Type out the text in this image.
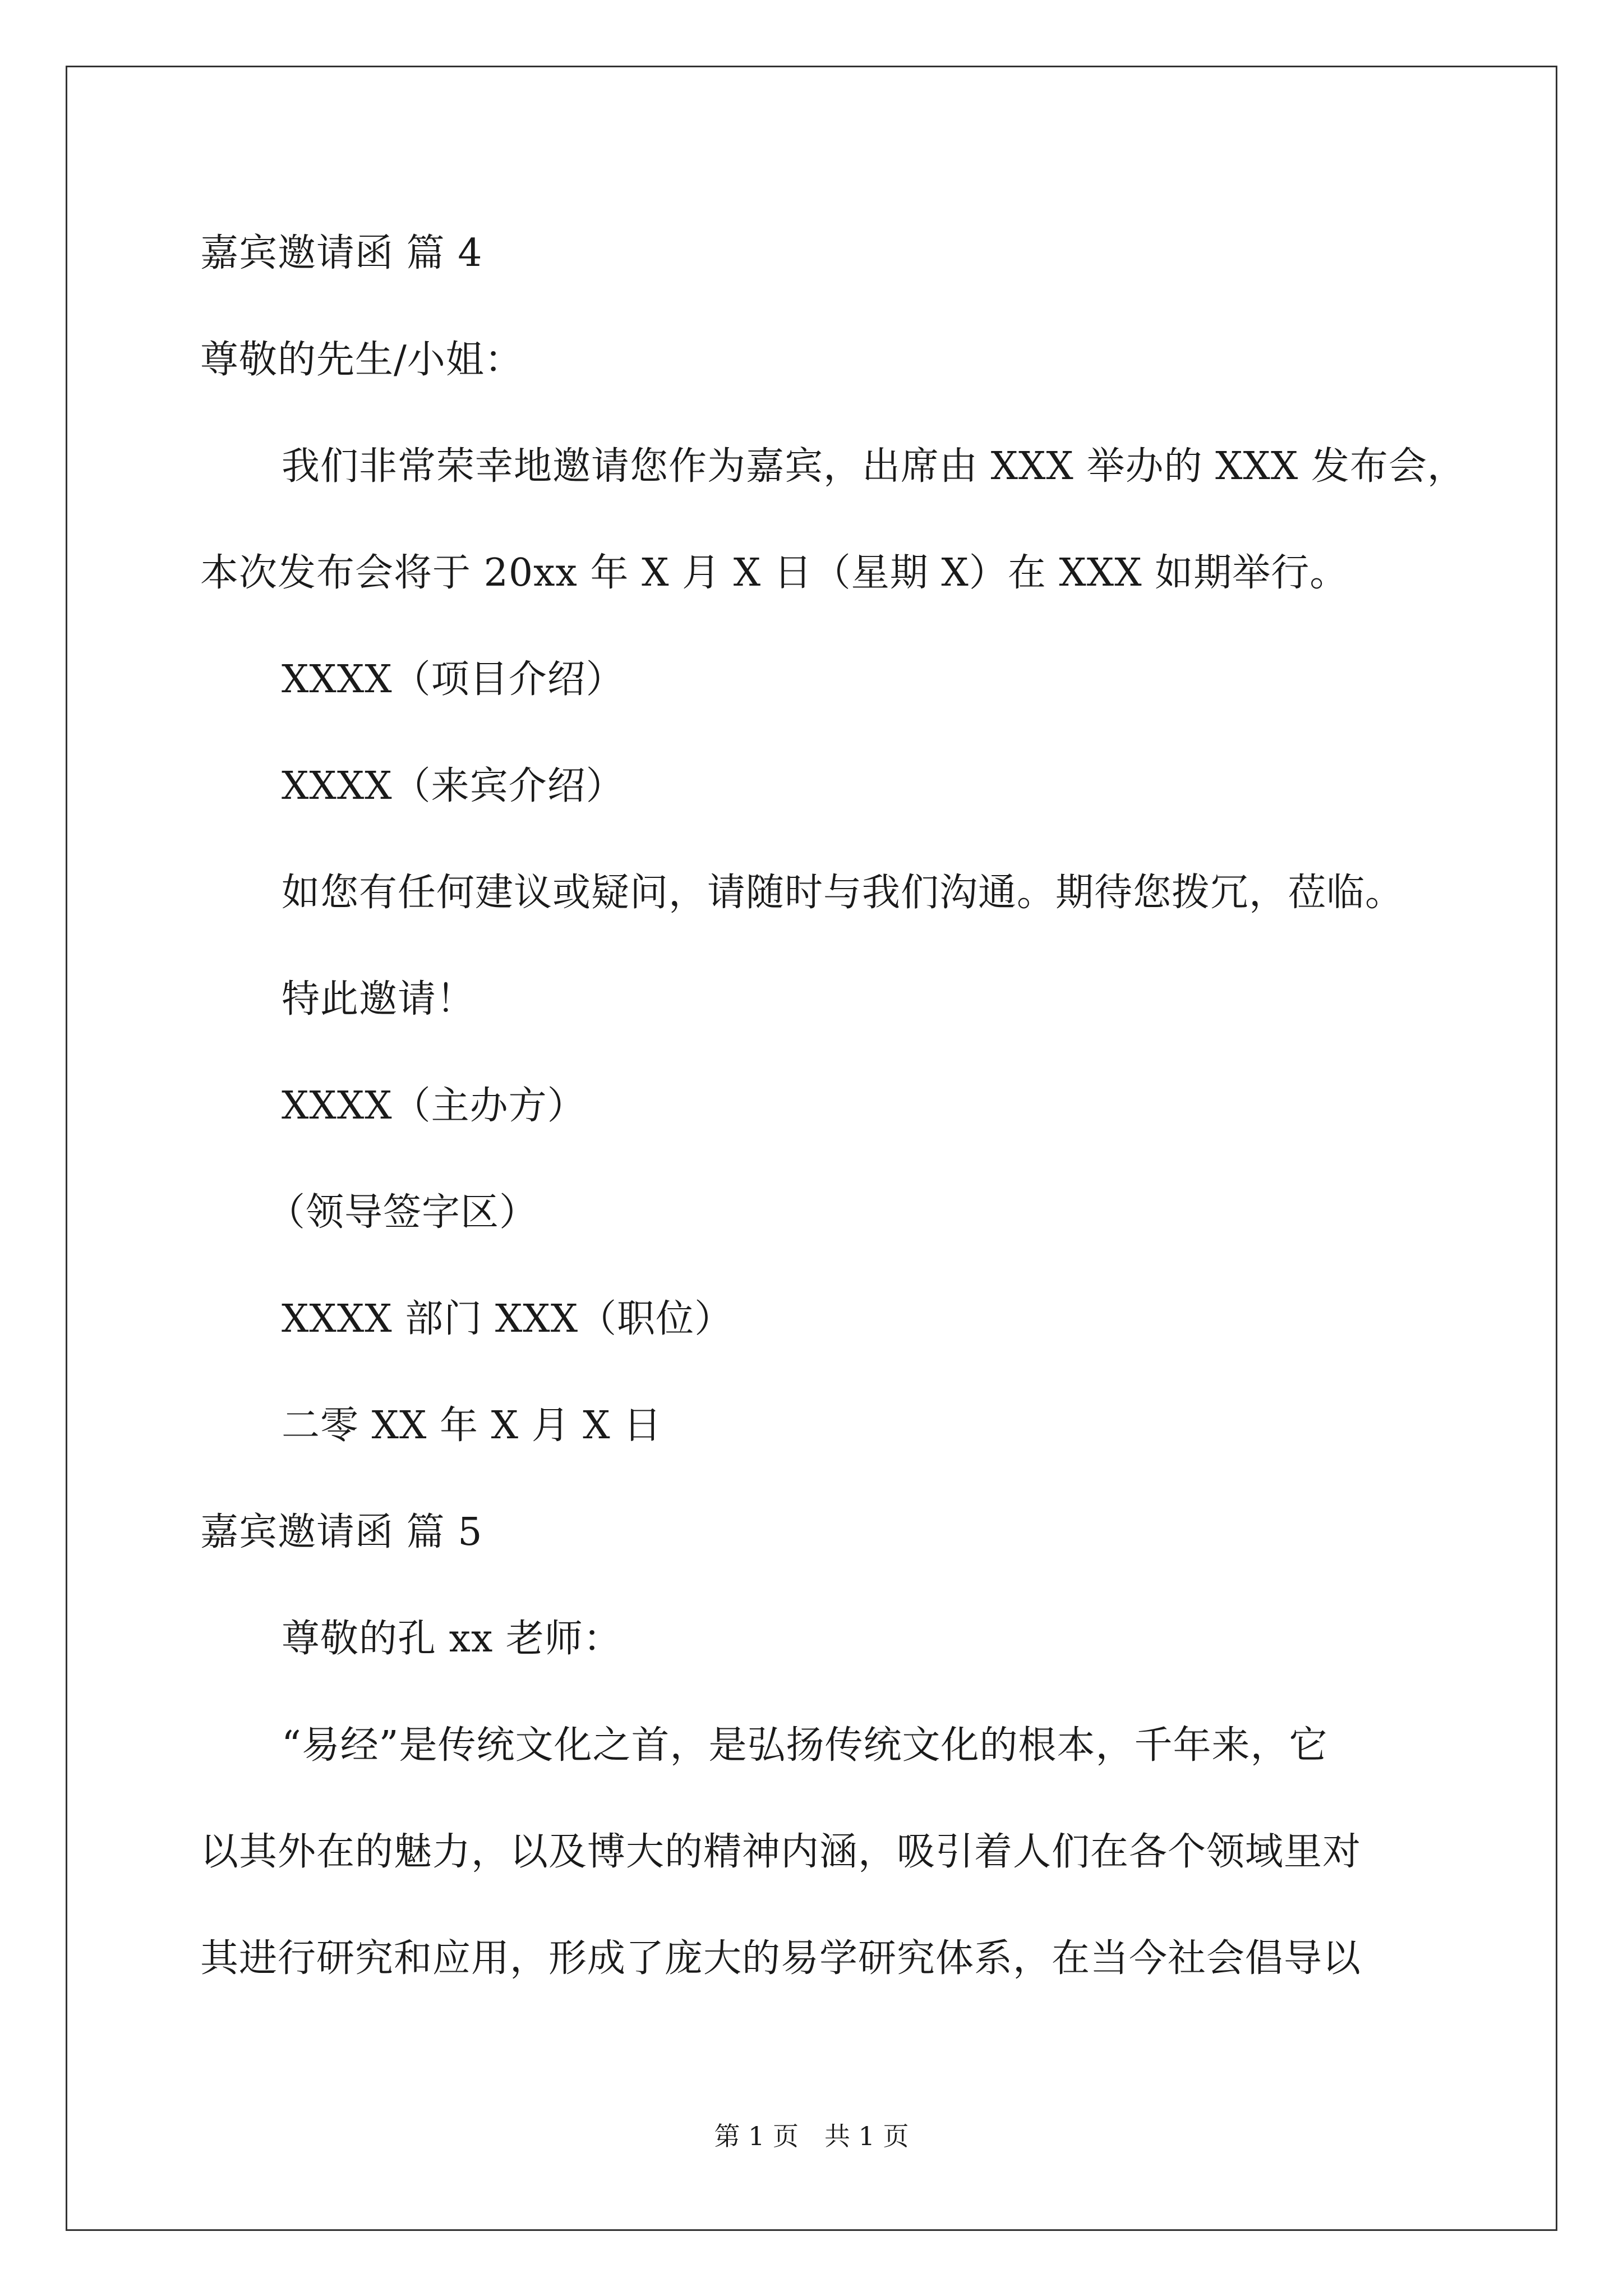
嘉宾邀请函 篇 4
尊敬的先生/小姐：
我们非常荣幸地邀请您作为嘉宾，出席由 XXX 举办的 XXX 发布会，
本次发布会将于 20xx 年 X 月 X 日（星期 X）在 XXX 如期举行。
XXXX（项目介绍）
XXXX（来宾介绍）
如您有任何建议或疑问，请随时与我们沟通。期待您拨冗，莅临。
特此邀请！
XXXX（主办方）
（领导签字区）
XXXX 部门 XXX（职位）
二零 XX 年 X 月 X 日
嘉宾邀请函 篇 5
尊敬的孔 xx 老师：
“易经”是传统文化之首，是弘扬传统文化的根本，千年来，它
以其外在的魅力，以及博大的精神内涵，吸引着人们在各个领域里对
其进行研究和应用，形成了庞大的易学研究体系，在当今社会倡导以
第 1 页　共 1 页
